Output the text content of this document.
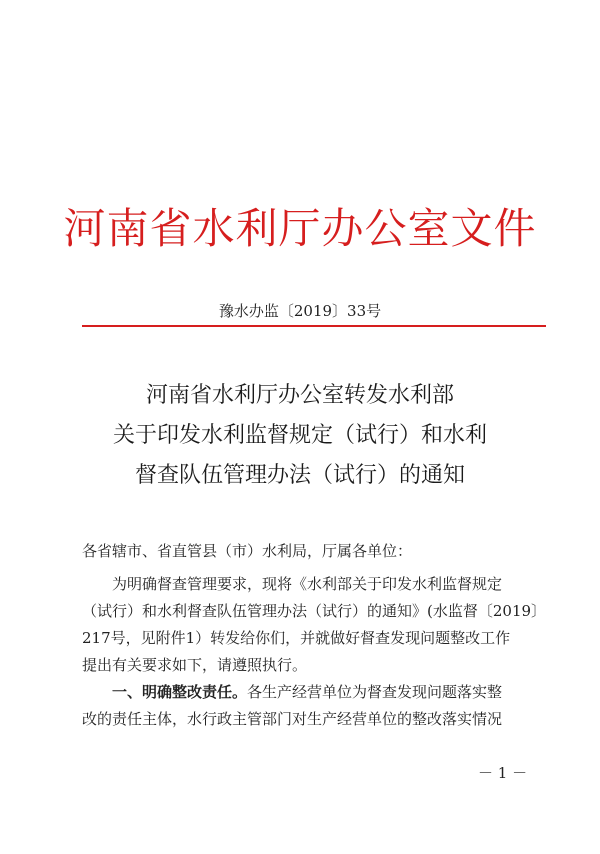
河南省水利厅办公室文件
豫水办监〔2019〕33号
河南省水利厅办公室转发水利部
关于印发水利监督规定（试行）和水利
督查队伍管理办法（试行）的通知
各省辖市、省直管县（市）水利局，厅属各单位：
为明确督查管理要求，现将《水利部关于印发水利监督规定
（试行）和水利督查队伍管理办法（试行）的通知》(水监督〔2019〕
217号，见附件1）转发给你们，并就做好督查发现问题整改工作
提出有关要求如下，请遵照执行。
一、明确整改责任。各生产经营单位为督查发现问题落实整
改的责任主体，水行政主管部门对生产经营单位的整改落实情况
－ 1 －
